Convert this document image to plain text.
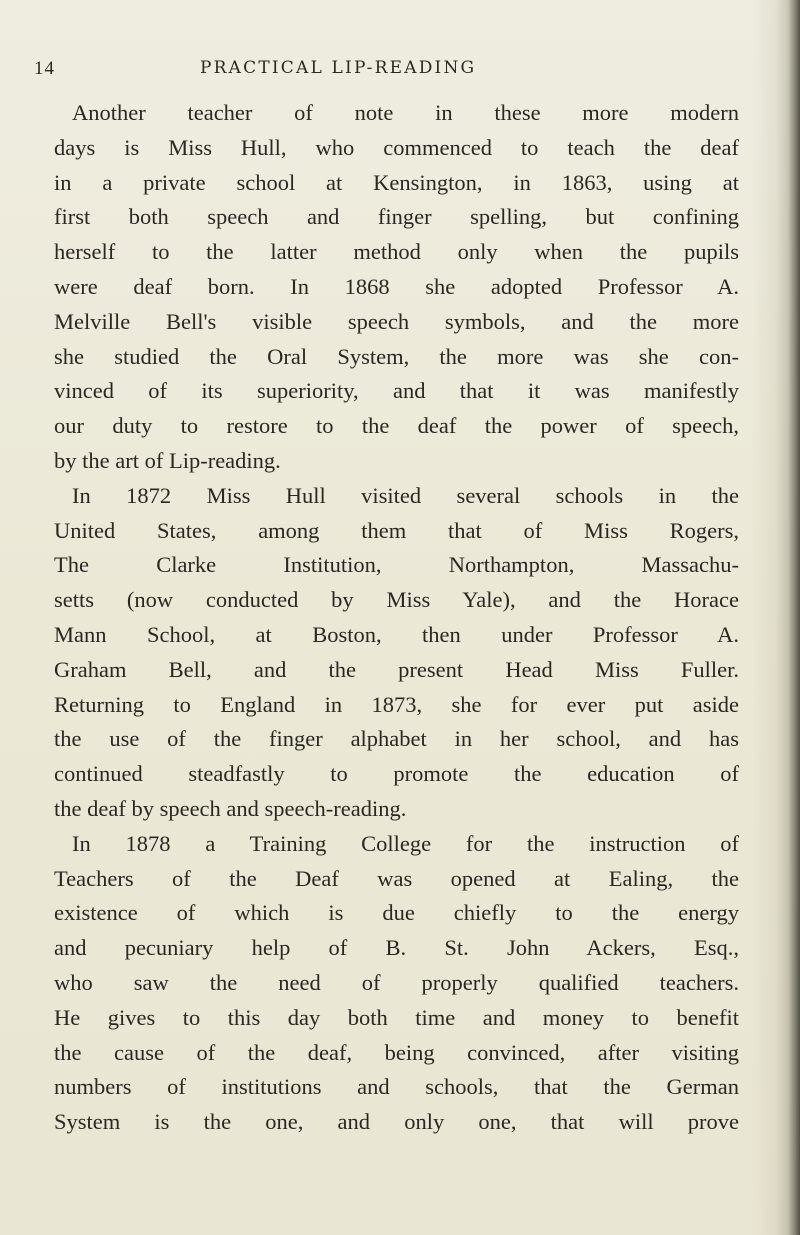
14	PRACTICAL LIP-READING
Another teacher of note in these more modern
days is Miss Hull, who commenced to teach the deaf
in a private school at Kensington, in 1863, using at
first both speech and finger spelling, but confining
herself to the latter method only when the pupils
were deaf born. In 1868 she adopted Professor A.
Melville Bell's visible speech symbols, and the more
she studied the Oral System, the more was she con-
vinced of its superiority, and that it was manifestly
our duty to restore to the deaf the power of speech,
by the art of Lip-reading.
In 1872 Miss Hull visited several schools in the
United States, among them that of Miss Rogers,
The Clarke Institution, Northampton, Massachu-
setts (now conducted by Miss Yale), and the Horace
Mann School, at Boston, then under Professor A.
Graham Bell, and the present Head Miss Fuller.
Returning to England in 1873, she for ever put aside
the use of the finger alphabet in her school, and has
continued steadfastly to promote the education of
the deaf by speech and speech-reading.
In 1878 a Training College for the instruction of
Teachers of the Deaf was opened at Ealing, the
existence of which is due chiefly to the energy
and pecuniary help of B. St. John Ackers, Esq.,
who saw the need of properly qualified teachers.
He gives to this day both time and money to benefit
the cause of the deaf, being convinced, after visiting
numbers of institutions and schools, that the German
System is the one, and only one, that will prove
